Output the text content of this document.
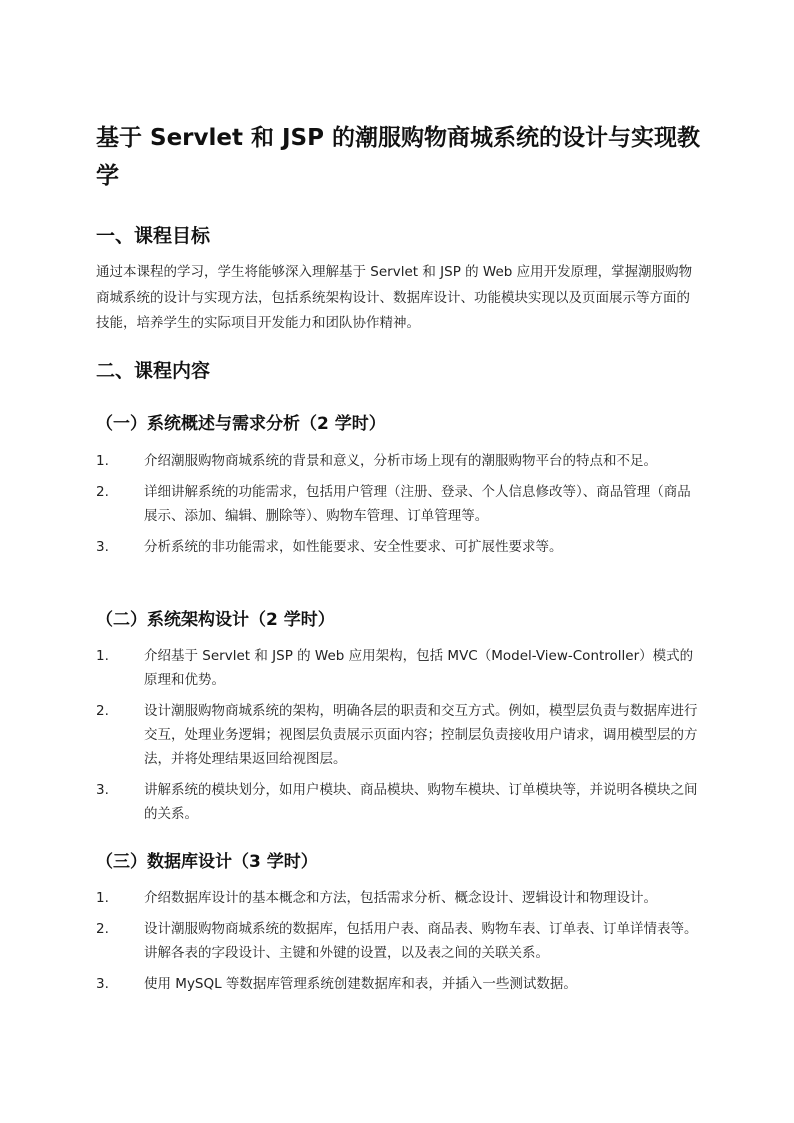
基于 Servlet 和 JSP 的潮服购物商城系统的设计与实现教学
一、课程目标

通过本课程的学习，学生将能够深入理解基于 Servlet 和 JSP 的 Web 应用开发原理，掌握潮服购物商城系统的设计与实现方法，包括系统架构设计、数据库设计、功能模块实现以及页面展示等方面的技能，培养学生的实际项目开发能力和团队协作精神。

二、课程内容
（一）系统概述与需求分析（2 学时）
1.	介绍潮服购物商城系统的背景和意义，分析市场上现有的潮服购物平台的特点和不足。
2.	详细讲解系统的功能需求，包括用户管理（注册、登录、个人信息修改等）、商品管理（商品展示、添加、编辑、删除等）、购物车管理、订单管理等。
3.	分析系统的非功能需求，如性能要求、安全性要求、可扩展性要求等。
（二）系统架构设计（2 学时）
1.	介绍基于 Servlet 和 JSP 的 Web 应用架构，包括 MVC（Model-View-Controller）模式的原理和优势。
2.	设计潮服购物商城系统的架构，明确各层的职责和交互方式。例如，模型层负责与数据库进行交互，处理业务逻辑；视图层负责展示页面内容；控制层负责接收用户请求，调用模型层的方法，并将处理结果返回给视图层。
3.	讲解系统的模块划分，如用户模块、商品模块、购物车模块、订单模块等，并说明各模块之间的关系。
（三）数据库设计（3 学时）
1.	介绍数据库设计的基本概念和方法，包括需求分析、概念设计、逻辑设计和物理设计。
2.	设计潮服购物商城系统的数据库，包括用户表、商品表、购物车表、订单表、订单详情表等。讲解各表的字段设计、主键和外键的设置，以及表之间的关联关系。
3.	使用 MySQL 等数据库管理系统创建数据库和表，并插入一些测试数据。
